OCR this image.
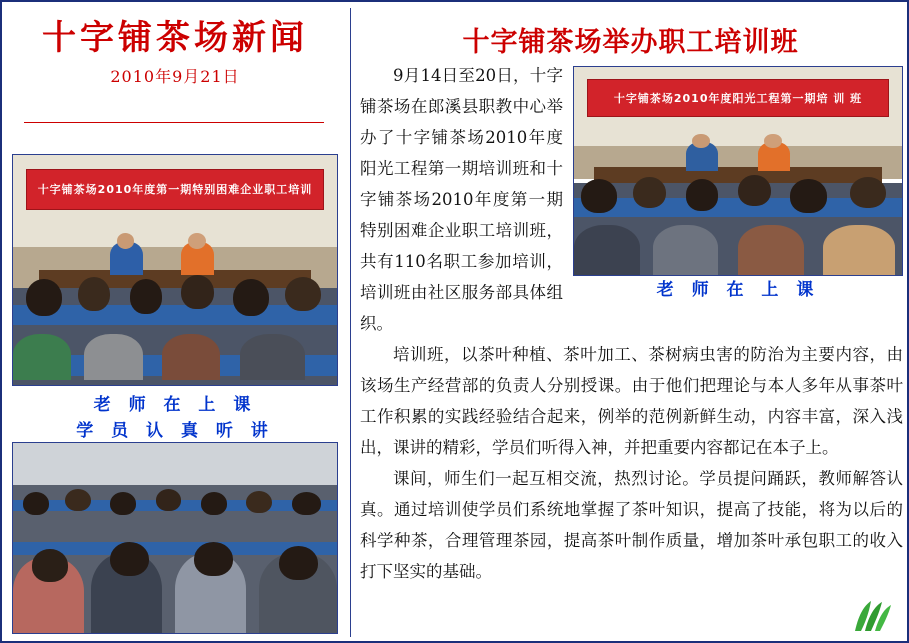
十字铺茶场新闻
2010年9月21日
十字铺茶场2010年度第一期特别困难企业职工培训
老 师 在 上 课
学 员 认 真 听 讲
十字铺茶场举办职工培训班
十字铺茶场2010年度阳光工程第一期培 训 班
老 师 在 上 课

9月14日至20日，十字铺茶场在郎溪县职教中心举办了十字铺茶场2010年度阳光工程第一期培训班和十字铺茶场2010年度第一期特别困难企业职工培训班，共有110名职工参加培训，培训班由社区服务部具体组织。

培训班，以茶叶种植、茶叶加工、茶树病虫害的防治为主要内容，由该场生产经营部的负责人分别授课。由于他们把理论与本人多年从事茶叶工作积累的实践经验结合起来，例举的范例新鲜生动，内容丰富，深入浅出，课讲的精彩，学员们听得入神，并把重要内容都记在本子上。

课间，师生们一起互相交流，热烈讨论。学员提问踊跃，教师解答认真。通过培训使学员们系统地掌握了茶叶知识，提高了技能，将为以后的科学种茶，合理管理茶园，提高茶叶制作质量，增加茶叶承包职工的收入打下坚实的基础。
